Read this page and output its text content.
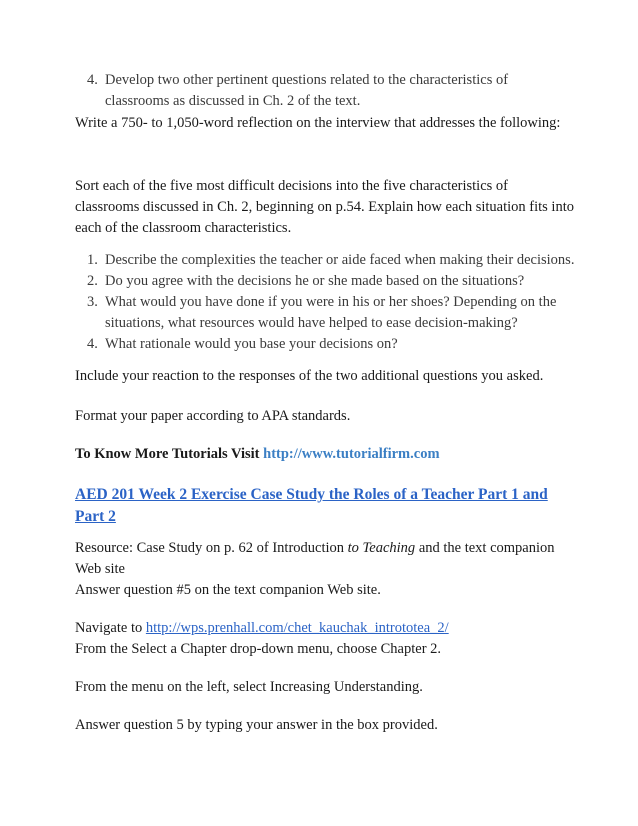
4. Develop two other pertinent questions related to the characteristics of classrooms as discussed in Ch. 2 of the text.

Write a 750- to 1,050-word reflection on the interview that addresses the following:

Sort each of the five most difficult decisions into the five characteristics of classrooms discussed in Ch. 2, beginning on p.54. Explain how each situation fits into each of the classroom characteristics.

1. Describe the complexities the teacher or aide faced when making their decisions.
2. Do you agree with the decisions he or she made based on the situations?
3. What would you have done if you were in his or her shoes? Depending on the situations, what resources would have helped to ease decision-making?
4. What rationale would you base your decisions on?

Include your reaction to the responses of the two additional questions you asked.

Format your paper according to APA standards.

To Know More Tutorials Visit http://www.tutorialfirm.com

AED 201 Week 2 Exercise Case Study the Roles of a Teacher Part 1 and Part 2

Resource: Case Study on p. 62 of Introduction to Teaching and the text companion Web site

Answer question #5 on the text companion Web site.

Navigate to http://wps.prenhall.com/chet_kauchak_intrototeа_2/

From the Select a Chapter drop-down menu, choose Chapter 2.

From the menu on the left, select Increasing Understanding.

Answer question 5 by typing your answer in the box provided.
